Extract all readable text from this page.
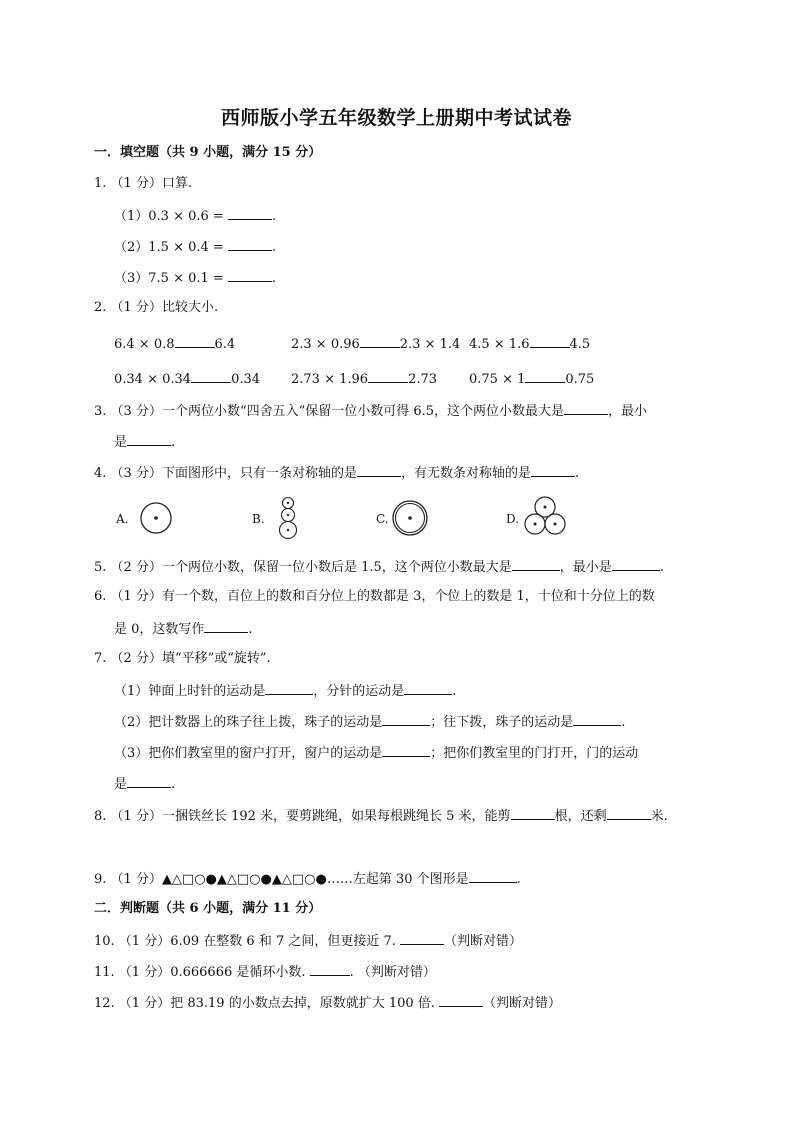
西师版小学五年级数学上册期中考试试卷
一．填空题（共 9 小题，满分 15 分）
1. （1 分）口算.
（1）0.3 × 0.6 =	.
（2）1.5 × 0.4 =	.
（3）7.5 × 0.1 =	.
2. （1 分）比较大小.
6.4 × 0.8	6.4	2.3 × 0.96	2.3 × 1.4 4.5 × 1.6	4.5
0.34 × 0.34	0.34 2.73 × 1.96	2.73 0.75 × 1	0.75
3. （3 分）一个两位小数“四舍五入”保留一位小数可得 6.5，这个两位小数最大是	，最小
是	.
4. （3 分）下面图形中，只有一条对称轴的是	，有无数条对称轴的是	.
A.	B.	C.	D.
5. （2 分）一个两位小数，保留一位小数后是 1.5，这个两位小数最大是	，最小是	.
6. （1 分）有一个数，百位上的数和百分位上的数都是 3，个位上的数是 1，十位和十分位上的数
是 0，这数写作	.
7. （2 分）填“平移”或“旋转”.
（1）钟面上时针的运动是	，分针的运动是	.
（2）把计数器上的珠子往上拨，珠子的运动是	；往下拨，珠子的运动是	.
（3）把你们教室里的窗户打开，窗户的运动是	；把你们教室里的门打开，门的运动
是	.
8. （1 分）一捆铁丝长 192 米，要剪跳绳，如果每根跳绳长 5 米，能剪	根，还剩	米.
9. （1 分）▲△□○●▲△□○●▲△□○●……左起第 30 个图形是	.
二．判断题（共 6 小题，满分 11 分）
10. （1 分）6.09 在整数 6 和 7 之间，但更接近 7.	（判断对错）
11. （1 分）0.666666 是循环小数.	. （判断对错）
12. （1 分）把 83.19 的小数点去掉，原数就扩大 100 倍.	（判断对错）
